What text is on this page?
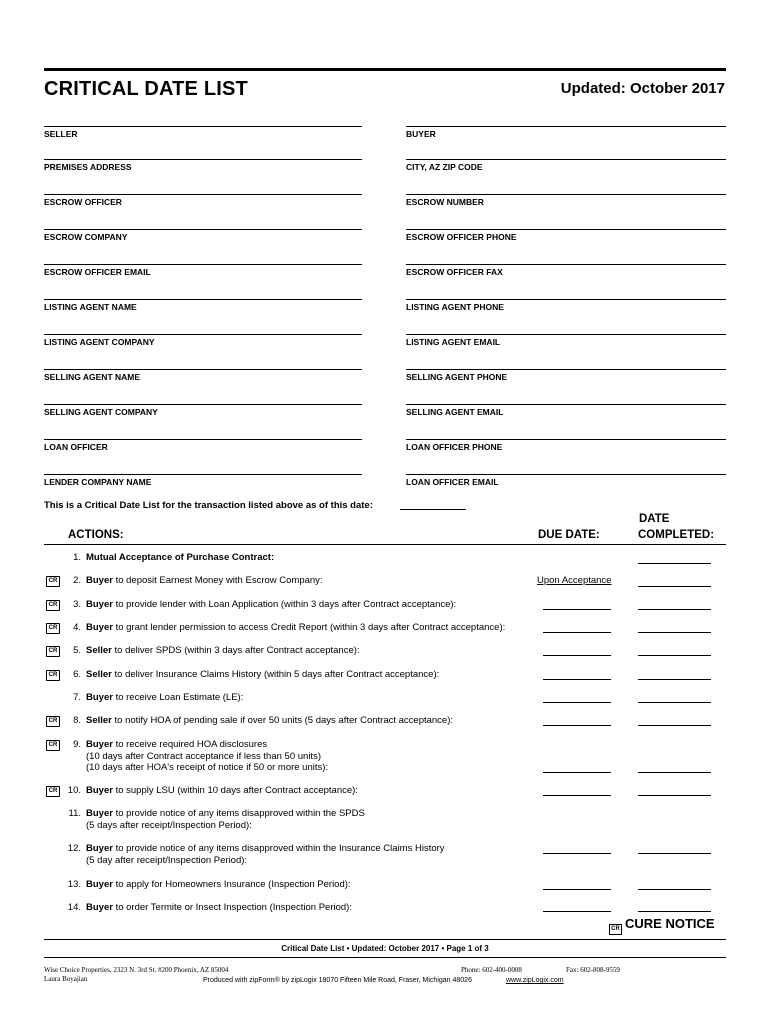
CRITICAL DATE LIST	Updated: October 2017
SELLER	BUYER
PREMISES ADDRESS	CITY, AZ ZIP CODE
ESCROW OFFICER	ESCROW NUMBER
ESCROW COMPANY	ESCROW OFFICER PHONE
ESCROW OFFICER EMAIL	ESCROW OFFICER FAX
LISTING AGENT NAME	LISTING AGENT PHONE
LISTING AGENT COMPANY	LISTING AGENT EMAIL
SELLING AGENT NAME	SELLING AGENT PHONE
SELLING AGENT COMPANY	SELLING AGENT EMAIL
LOAN OFFICER	LOAN OFFICER PHONE
LENDER COMPANY NAME	LOAN OFFICER EMAIL
This is a Critical Date List for the transaction listed above as of this date:
ACTIONS:	DUE DATE:
DATE
COMPLETED:
1. Mutual Acceptance of Purchase Contract:
CR	2. Buyer to deposit Earnest Money with Escrow Company:	Upon Acceptance
CR	3. Buyer to provide lender with Loan Application (within 3 days after Contract acceptance):
CR	4. Buyer to grant lender permission to access Credit Report (within 3 days after Contract acceptance):
CR	5. Seller to deliver SPDS (within 3 days after Contract acceptance):
CR	6. Seller to deliver Insurance Claims History (within 5 days after Contract acceptance):
7. Buyer to receive Loan Estimate (LE):
CR	8. Seller to notify HOA of pending sale if over 50 units (5 days after Contract acceptance):
CR	9. Buyer to receive required HOA disclosures
(10 days after Contract acceptance if less than 50 units)
(10 days after HOA's receipt of notice if 50 or more units):
CR	10. Buyer to supply LSU (within 10 days after Contract acceptance):
11. Buyer to provide notice of any items disapproved within the SPDS
(5 days after receipt/Inspection Period):
12. Buyer to provide notice of any items disapproved within the Insurance Claims History
(5 day after receipt/Inspection Period):
13. Buyer to apply for Homeowners Insurance (Inspection Period):
14. Buyer to order Termite or Insect Inspection (Inspection Period):
CR CURE NOTICE
Critical Date List • Updated: October 2017 • Page 1 of 3
Wise Choice Properties, 2323 N. 3rd St. #200 Phoenix, AZ 85004
Laura Boyajian
Phone: 602-400-0008	Fax: 602-808-9559
Produced with zipForm® by zipLogix 18070 Fifteen Mile Road, Fraser, Michigan 48026	www.zipLogix.com
